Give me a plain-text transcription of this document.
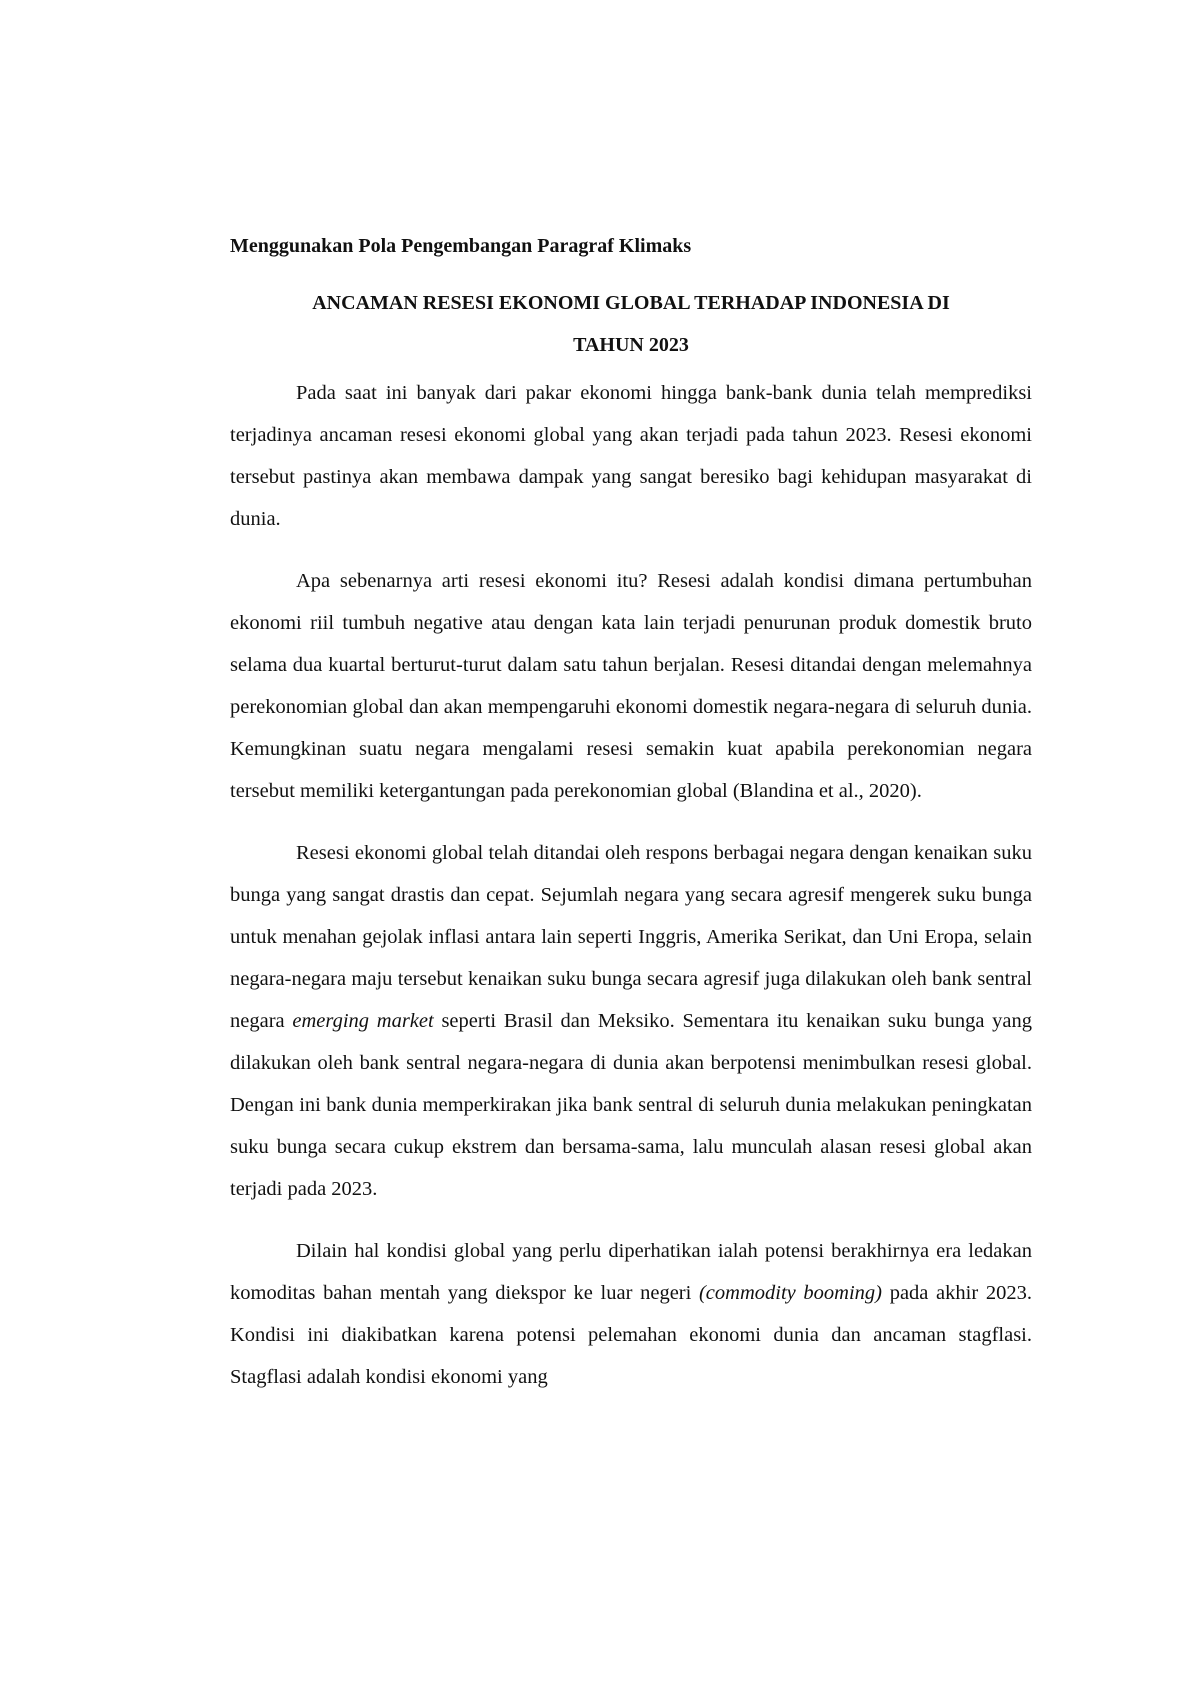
Menggunakan Pola Pengembangan Paragraf Klimaks
ANCAMAN RESESI EKONOMI GLOBAL TERHADAP INDONESIA DI
TAHUN 2023

Pada saat ini banyak dari pakar ekonomi hingga bank-bank dunia telah memprediksi terjadinya ancaman resesi ekonomi global yang akan terjadi pada tahun 2023. Resesi ekonomi tersebut pastinya akan membawa dampak yang sangat beresiko bagi kehidupan masyarakat di dunia.

Apa sebenarnya arti resesi ekonomi itu? Resesi adalah kondisi dimana pertumbuhan ekonomi riil tumbuh negative atau dengan kata lain terjadi penurunan produk domestik bruto selama dua kuartal berturut-turut dalam satu tahun berjalan. Resesi ditandai dengan melemahnya perekonomian global dan akan mempengaruhi ekonomi domestik negara-negara di seluruh dunia. Kemungkinan suatu negara mengalami resesi semakin kuat apabila perekonomian negara tersebut memiliki ketergantungan pada perekonomian global (Blandina et al., 2020).

Resesi ekonomi global telah ditandai oleh respons berbagai negara dengan kenaikan suku bunga yang sangat drastis dan cepat. Sejumlah negara yang secara agresif mengerek suku bunga untuk menahan gejolak inflasi antara lain seperti Inggris, Amerika Serikat, dan Uni Eropa, selain negara-negara maju tersebut kenaikan suku bunga secara agresif juga dilakukan oleh bank sentral negara emerging market seperti Brasil dan Meksiko. Sementara itu kenaikan suku bunga yang dilakukan oleh bank sentral negara-negara di dunia akan berpotensi menimbulkan resesi global. Dengan ini bank dunia memperkirakan jika bank sentral di seluruh dunia melakukan peningkatan suku bunga secara cukup ekstrem dan bersama-sama, lalu munculah alasan resesi global akan terjadi pada 2023.

Dilain hal kondisi global yang perlu diperhatikan ialah potensi berakhirnya era ledakan komoditas bahan mentah yang diekspor ke luar negeri (commodity booming) pada akhir 2023. Kondisi ini diakibatkan karena potensi pelemahan ekonomi dunia dan ancaman stagflasi. Stagflasi adalah kondisi ekonomi yang
